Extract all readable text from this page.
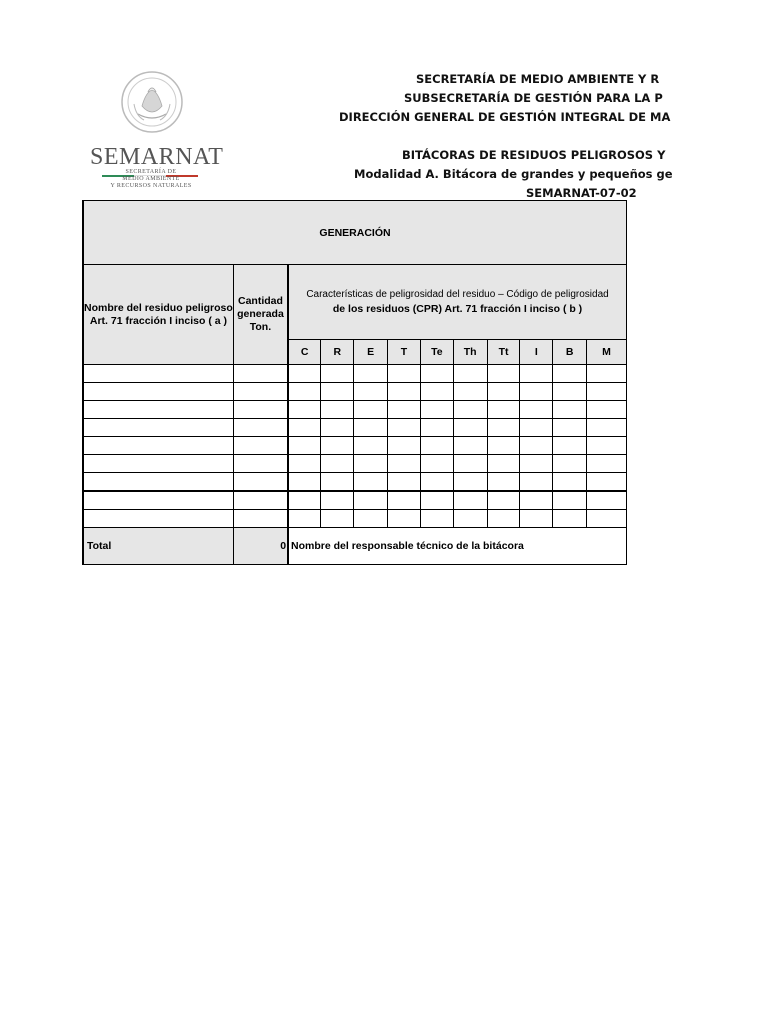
SEMARNAT
SECRETARÍA DE
MEDIO AMBIENTE
Y RECURSOS NATURALES
SECRETARÍA DE MEDIO AMBIENTE Y R
SUBSECRETARÍA DE GESTIÓN PARA LA P
DIRECCIÓN GENERAL DE GESTIÓN INTEGRAL DE MA
BITÁCORAS DE RESIDUOS PELIGROSOS Y
Modalidad A. Bitácora de grandes y pequeños ge
SEMARNAT-07-02
GENERACIÓN											
Nombre del residuo peligroso Art. 71 fracción I inciso ( a )	Cantidad generada Ton.	Características de peligrosidad del residuo – Código de peligrosidad
de los residuos (CPR) Art. 71 fracción I inciso ( b )									

		C	R	E	T	Te	Th	Tt	I	B	M

Total	0	Nombre del responsable técnico de la bitácora									
